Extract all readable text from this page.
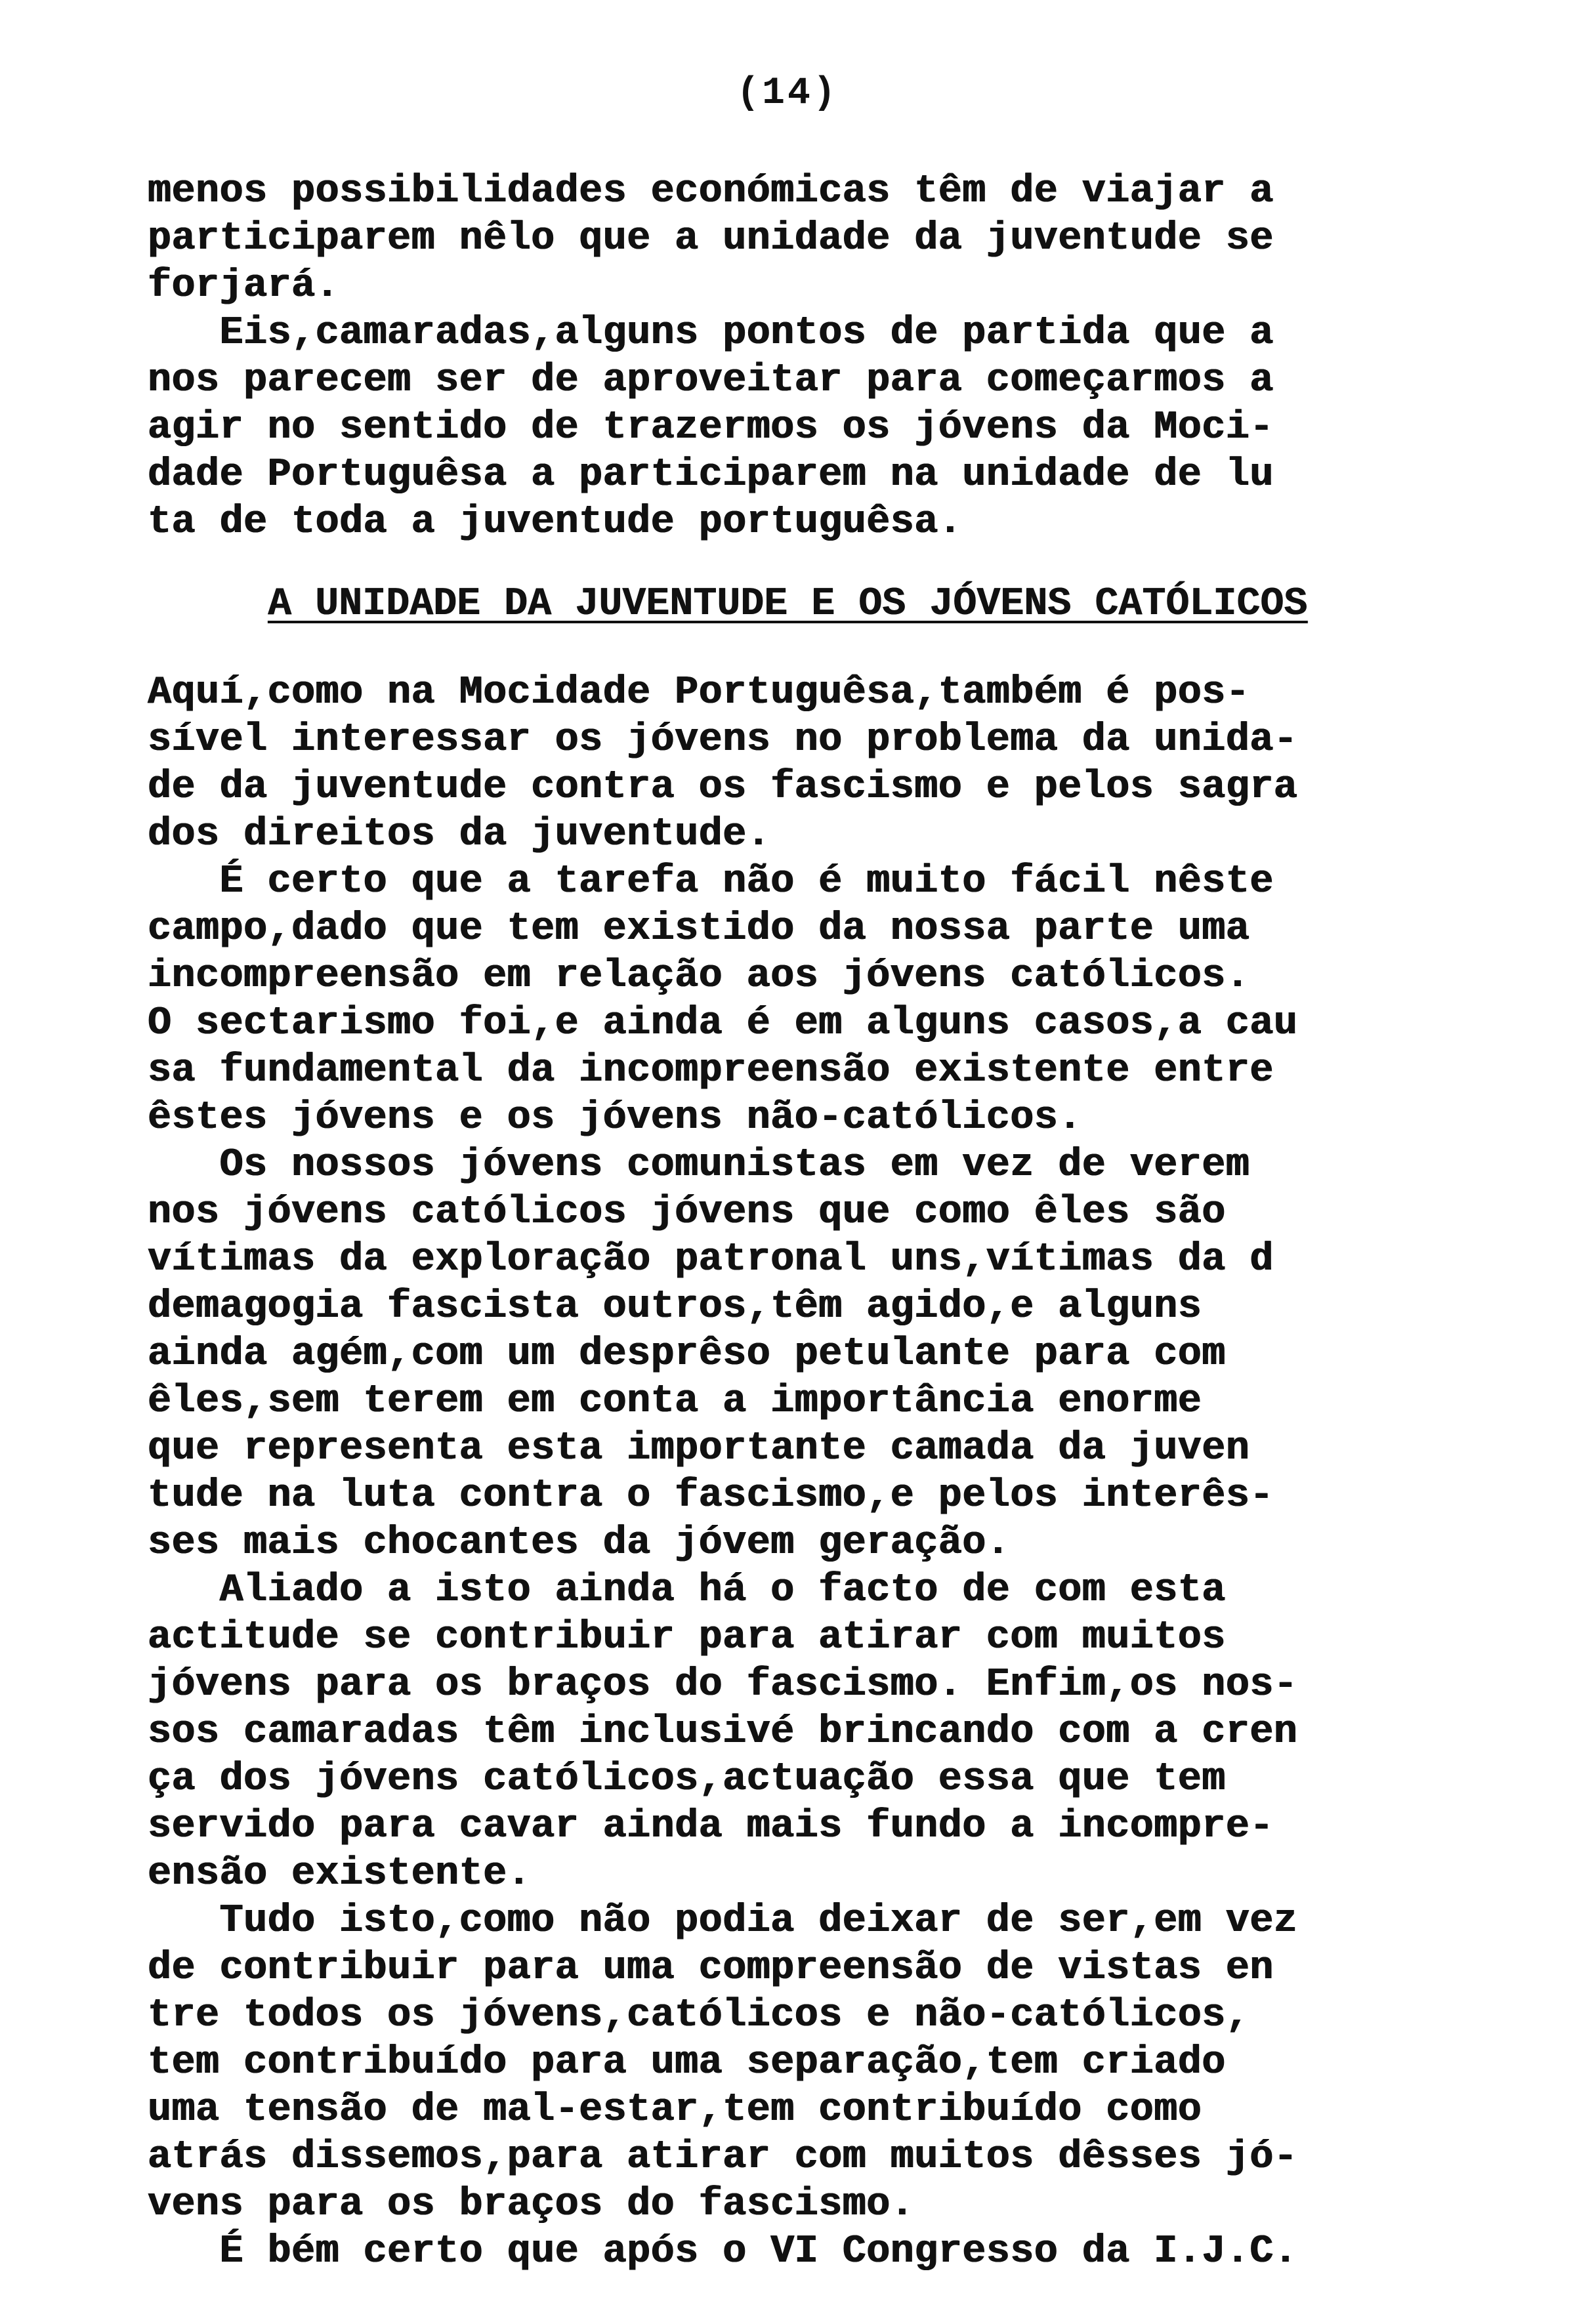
(14)
menos possibilidades económicas têm de viajar a
participarem nêlo que a unidade da juventude se
forjará.
Eis,camaradas,alguns pontos de partida que a
nos parecem ser de aproveitar para começarmos a
agir no sentido de trazermos os jóvens da Moci-
dade Portuguêsa a participarem na unidade de lu
ta de toda a juventude portuguêsa.
A UNIDADE DA JUVENTUDE E OS JÓVENS CATÓLICOS
Aquí,como na Mocidade Portuguêsa,também é pos-
sível interessar os jóvens no problema da unida-
de da juventude contra os fascismo e pelos sagra
dos direitos da juventude.
É certo que a tarefa não é muito fácil nêste
campo,dado que tem existido da nossa parte uma
incompreensão em relação aos jóvens católicos.
O sectarismo foi,e ainda é em alguns casos,a cau
sa fundamental da incompreensão existente entre
êstes jóvens e os jóvens não-católicos.
Os nossos jóvens comunistas em vez de verem
nos jóvens católicos jóvens que como êles são
vítimas da exploração patronal uns,vítimas da d
demagogia fascista outros,têm agido,e alguns
ainda agém,com um desprêso petulante para com
êles,sem terem em conta a importância enorme
que representa esta importante camada da juven
tude na luta contra o fascismo,e pelos interês-
ses mais chocantes da jóvem geração.
Aliado a isto ainda há o facto de com esta
actitude se contribuir para atirar com muitos
jóvens para os braços do fascismo. Enfim,os nos-
sos camaradas têm inclusivé brincando com a cren
ça dos jóvens católicos,actuação essa que tem
servido para cavar ainda mais fundo a incompre-
ensão existente.
Tudo isto,como não podia deixar de ser,em vez
de contribuir para uma compreensão de vistas en
tre todos os jóvens,católicos e não-católicos,
tem contribuído para uma separação,tem criado
uma tensão de mal-estar,tem contribuído como
atrás dissemos,para atirar com muitos dêsses jó-
vens para os braços do fascismo.
É bém certo que após o VI Congresso da I.J.C.
